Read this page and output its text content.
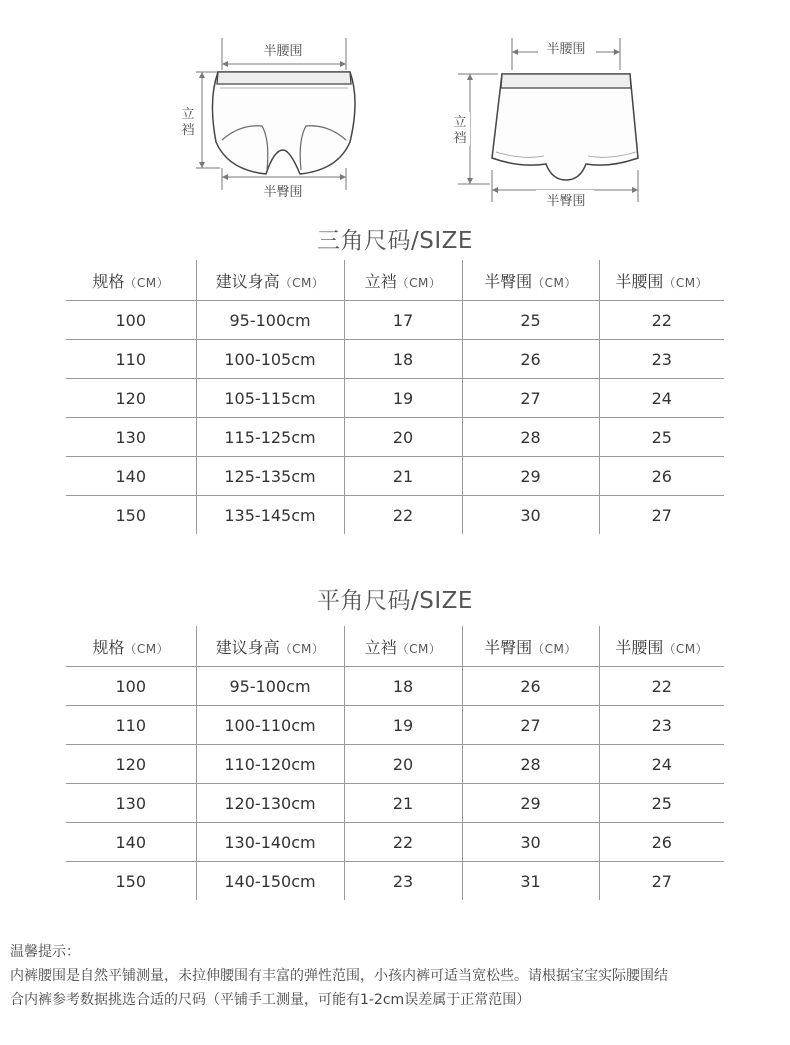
半腰围
立
裆
半臀围
半腰围
立
裆
半臀围
三角尺码/SIZE
规格（CM）	建议身高（CM）	立裆（CM）	半臀围（CM）	半腰围（CM）
100	95-100cm	17	25	22
110	100-105cm	18	26	23
120	105-115cm	19	27	24
130	115-125cm	20	28	25
140	125-135cm	21	29	26
150	135-145cm	22	30	27
平角尺码/SIZE
规格（CM）	建议身高（CM）	立裆（CM）	半臀围（CM）	半腰围（CM）
100	95-100cm	18	26	22
110	100-110cm	19	27	23
120	110-120cm	20	28	24
130	120-130cm	21	29	25
140	130-140cm	22	30	26
150	140-150cm	23	31	27

温馨提示：

内裤腰围是自然平铺测量，未拉伸腰围有丰富的弹性范围，小孩内裤可适当宽松些。请根据宝宝实际腰围结

合内裤参考数据挑选合适的尺码（平铺手工测量，可能有1-2cm误差属于正常范围）
